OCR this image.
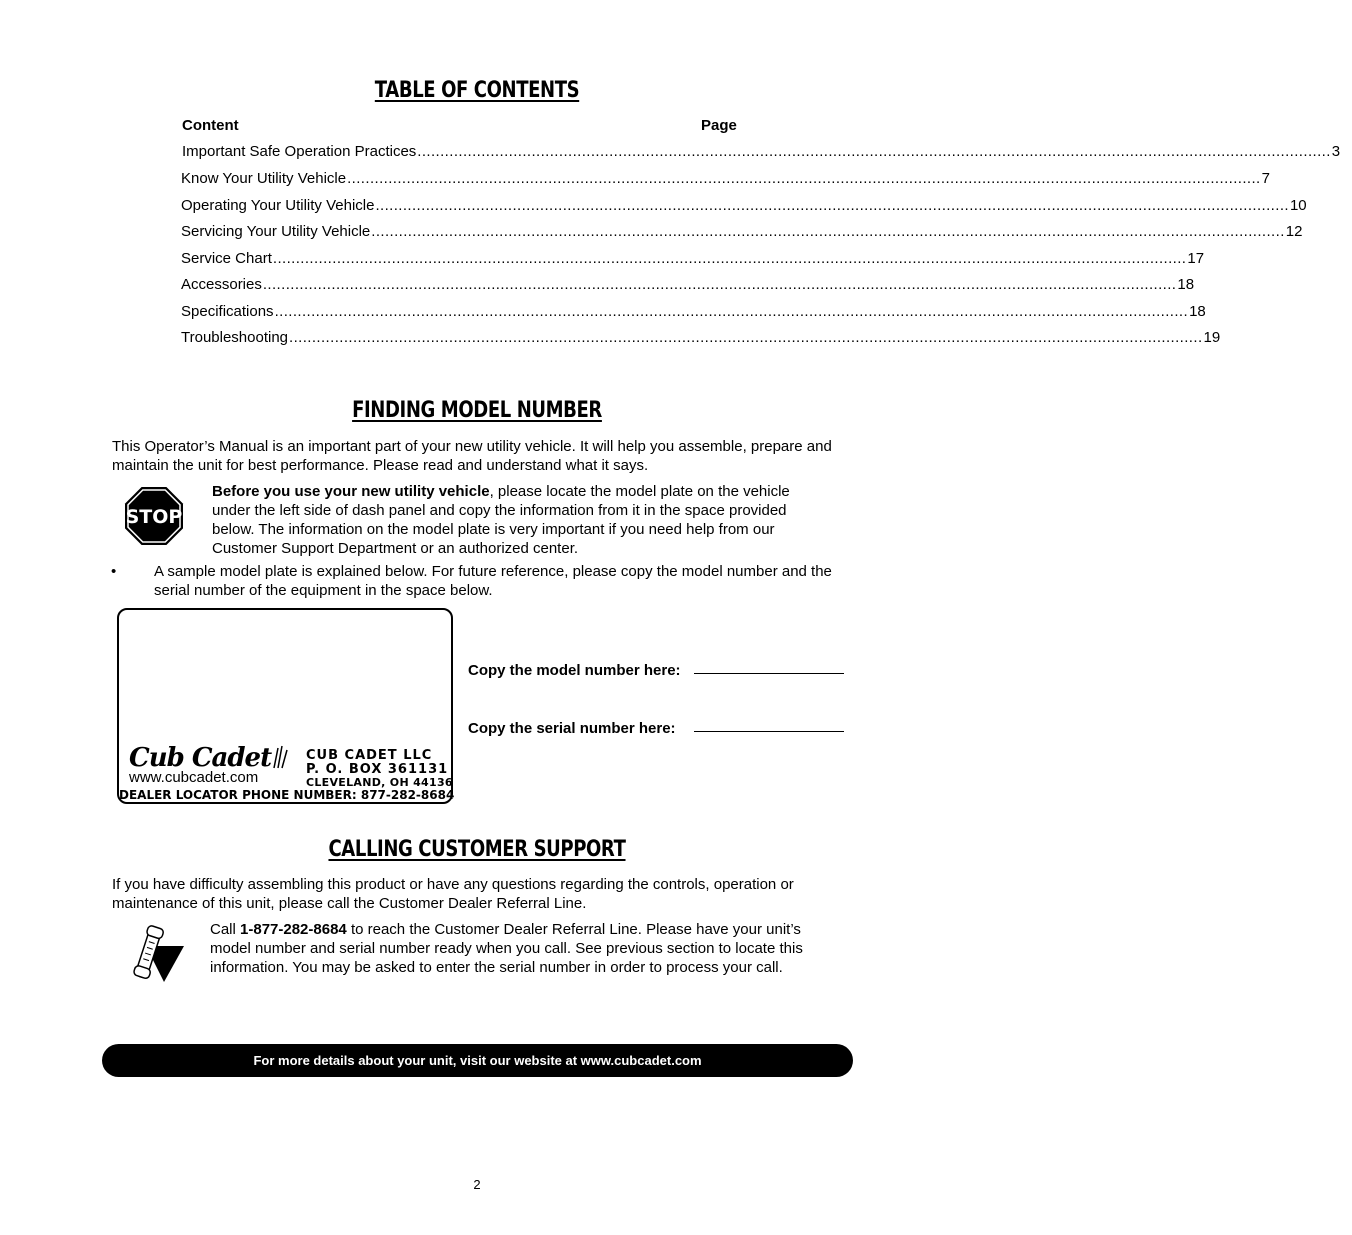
TABLE OF CONTENTS
Content	Page
Important Safe Operation Practices ........................................................................................................................................................................................................ 3
Know Your Utility Vehicle ........................................................................................................................................................................................................ 7
Operating Your Utility Vehicle ........................................................................................................................................................................................................ 10
Servicing Your Utility Vehicle ........................................................................................................................................................................................................ 12
Service Chart ........................................................................................................................................................................................................ 17
Accessories ........................................................................................................................................................................................................ 18
Specifications ........................................................................................................................................................................................................ 18
Troubleshooting ........................................................................................................................................................................................................ 19
FINDING MODEL NUMBER
This Operator’s Manual is an important part of your new utility vehicle. It will help you assemble, prepare and maintain the unit for best performance. Please read and understand what it says.
STOP
Before you use your new utility vehicle, please locate the model plate on the vehicle under the left side of dash panel and copy the information from it in the space provided below. The information on the model plate is very important if you need help from our Customer Support Department or an authorized center.
•	A sample model plate is explained below. For future reference, please copy the model number and the serial number of the equipment in the space below.
Cub Cadet
www.cubcadet.com
CUB CADET LLC
P. O. BOX 361131
CLEVELAND, OH 44136
DEALER LOCATOR PHONE NUMBER: 877-282-8684
Copy the model number here:
Copy the serial number here:
CALLING CUSTOMER SUPPORT
If you have difficulty assembling this product or have any questions regarding the controls, operation or maintenance of this unit, please call the Customer Dealer Referral Line.
Call 1-877-282-8684 to reach the Customer Dealer Referral Line. Please have your unit’s model number and serial number ready when you call. See previous section to locate this information. You may be asked to enter the serial number in order to process your call.
For more details about your unit, visit our website at www.cubcadet.com
2
